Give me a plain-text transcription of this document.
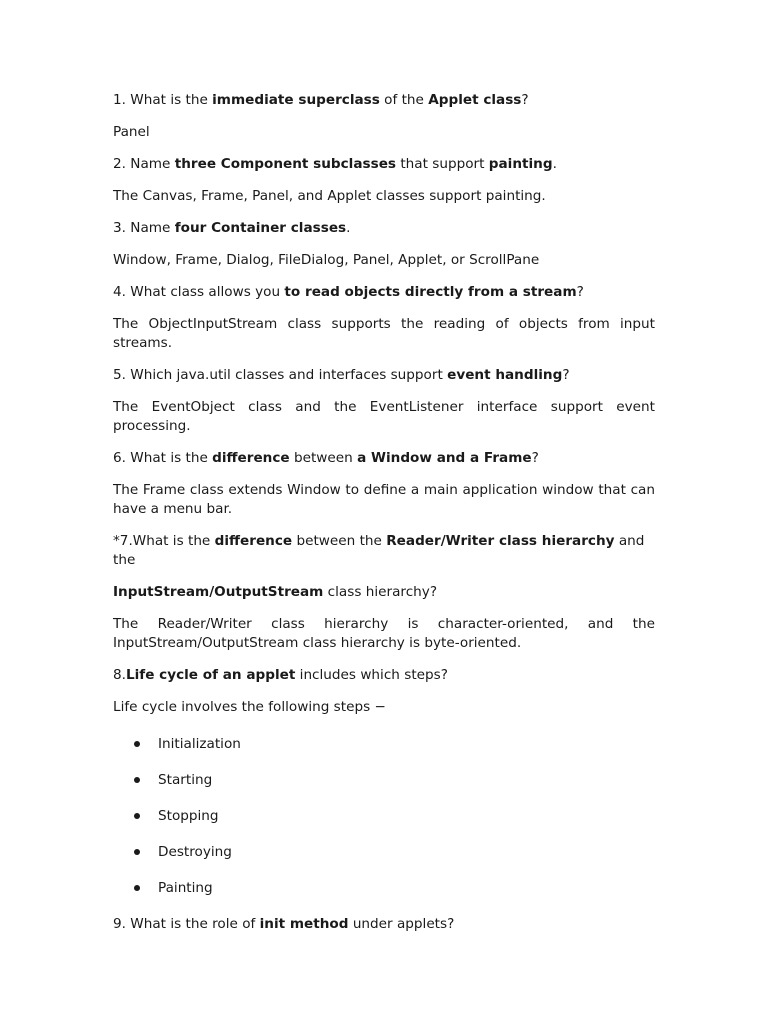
1. What is the immediate superclass of the Applet class?

Panel

2. Name three Component subclasses that support painting.

The Canvas, Frame, Panel, and Applet classes support painting.

3. Name four Container classes.

Window, Frame, Dialog, FileDialog, Panel, Applet, or ScrollPane

4. What class allows you to read objects directly from a stream?

The ObjectInputStream class supports the reading of objects from input streams.

5. Which java.util classes and interfaces support event handling?

The EventObject class and the EventListener interface support event processing.

6. What is the difference between a Window and a Frame?

The Frame class extends Window to define a main application window that can have a menu bar.

*7.What is the difference between the Reader/Writer class hierarchy and the

InputStream/OutputStream class hierarchy?

The Reader/Writer class hierarchy is character-oriented, and the InputStream/OutputStream class hierarchy is byte-oriented.

8.Life cycle of an applet includes which steps?

Life cycle involves the following steps −

Initialization
Starting
Stopping
Destroying
Painting

9. What is the role of init method under applets?
